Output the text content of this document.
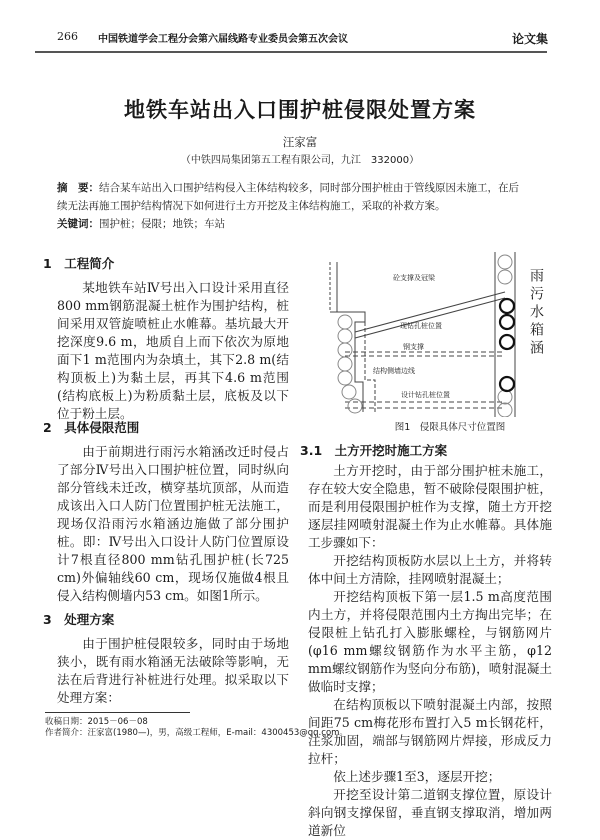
266 中国铁道学会工程分会第六届线路专业委员会第五次会议	论文集
地铁车站出入口围护桩侵限处置方案
汪家富
（中铁四局集团第五工程有限公司，九江　332000）
摘　要：结合某车站出入口围护结构侵入主体结构较多，同时部分围护桩由于管线原因未施工，在后续无法再施工围护结构情况下如何进行土方开挖及主体结构施工，采取的补救方案。
关键词：围护桩；侵限；地铁；车站
1　工程简介

某地铁车站Ⅳ号出入口设计采用直径800 mm钢筋混凝土桩作为围护结构，桩间采用双管旋喷桩止水帷幕。基坑最大开挖深度9.6 m，地质自上而下依次为原地面下1 m范围内为杂填土，其下2.8 m(结构顶板上)为黏土层，再其下4.6 m范围(结构底板上)为粉质黏土层，底板及以下位于粉土层。

2　具体侵限范围

由于前期进行雨污水箱涵改迁时侵占了部分Ⅳ号出入口围护桩位置，同时纵向部分管线未迁改，横穿基坑顶部，从而造成该出入口人防门位置围护桩无法施工，现场仅沿雨污水箱涵边施做了部分围护桩。即：Ⅳ号出入口设计人防门位置原设计7根直径800 mm钻孔围护桩(长725 cm)外偏轴线60 cm，现场仅施做4根且侵入结构侧墙内53 cm。如图1所示。

3　处理方案

由于围护桩侵限较多，同时由于场地狭小，既有雨水箱涵无法破除等影响，无法在后背进行补桩进行处理。拟采取以下处理方案：

收稿日期：2015－06－08
作者简介：汪家富(1980—)，男，高级工程师，E-mail：4300453@qq.com。
砼支撑及冠梁
现钻孔桩位置
钢支撑
结构侧墙边线
设计钻孔桩位置
雨污水箱涵
图1　侵限具体尺寸位置图
3.1　土方开挖时施工方案

土方开挖时，由于部分围护桩未施工，存在较大安全隐患，暂不破除侵限围护桩，而是利用侵限围护桩作为支撑，随土方开挖逐层挂网喷射混凝土作为止水帷幕。具体施工步骤如下：

开挖结构顶板防水层以上土方，并将转体中间土方清除，挂网喷射混凝土；

开挖结构顶板下第一层1.5 m高度范围内土方，并将侵限范围内土方掏出完毕；在侵限桩上钻孔打入膨胀螺栓，与钢筋网片(φ16 mm螺纹钢筋作为水平主筋，φ12 mm螺纹钢筋作为竖向分布筋)，喷射混凝土做临时支撑；

在结构顶板以下喷射混凝土内部，按照间距75 cm梅花形布置打入5 m长钢花杆，注浆加固，端部与钢筋网片焊接，形成反力拉杆；

依上述步骤1至3，逐层开挖；

开挖至设计第二道钢支撑位置，原设计斜向钢支撑保留，垂直钢支撑取消，增加两道新位
